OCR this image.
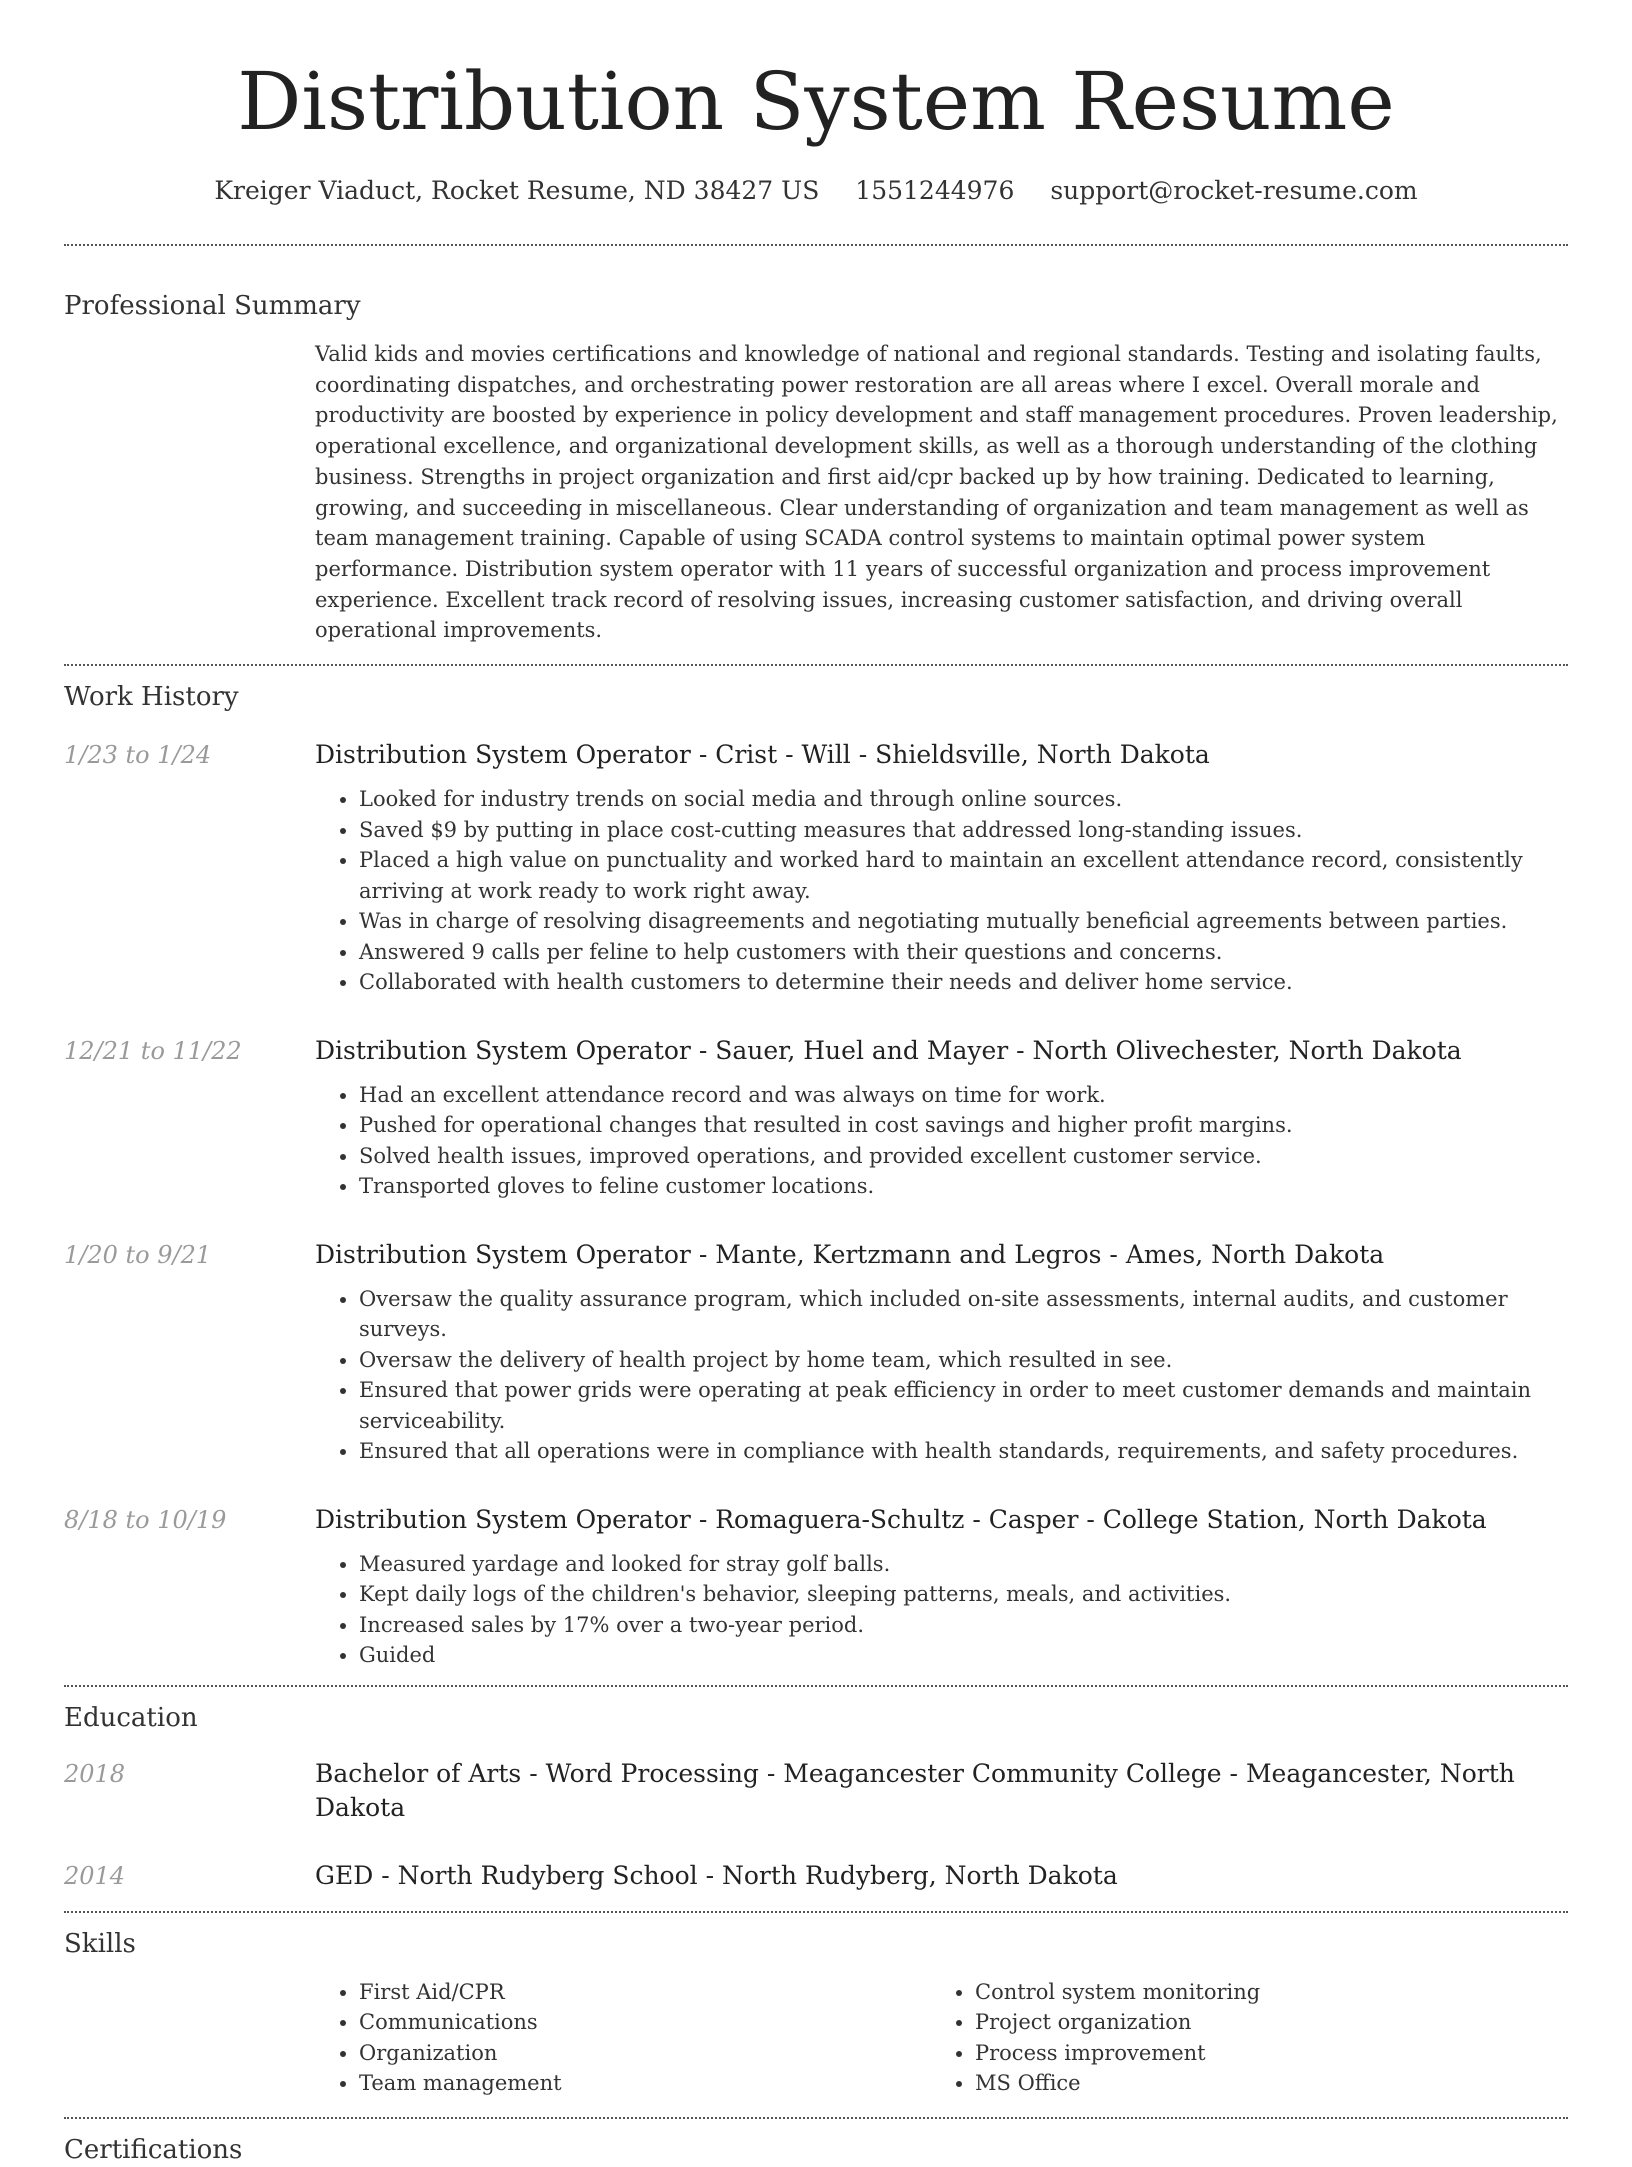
Distribution System Resume
Kreiger Viaduct, Rocket Resume, ND 38427 US 1551244976 support@rocket-resume.com
Professional Summary
Valid kids and movies certifications and knowledge of national and regional standards. Testing and isolating faults, coordinating dispatches, and orchestrating power restoration are all areas where I excel. Overall morale and productivity are boosted by experience in policy development and staff management procedures. Proven leadership, operational excellence, and organizational development skills, as well as a thorough understanding of the clothing business. Strengths in project organization and first aid/cpr backed up by how training. Dedicated to learning, growing, and succeeding in miscellaneous. Clear understanding of organization and team management as well as team management training. Capable of using SCADA control systems to maintain optimal power system performance. Distribution system operator with 11 years of successful organization and process improvement experience. Excellent track record of resolving issues, increasing customer satisfaction, and driving overall operational improvements.
Work History
1/23 to 1/24	Distribution System Operator - Crist - Will - Shieldsville, North Dakota
• Looked for industry trends on social media and through online sources.
• Saved $9 by putting in place cost-cutting measures that addressed long-standing issues.
• Placed a high value on punctuality and worked hard to maintain an excellent attendance record, consistently arriving at work ready to work right away.
• Was in charge of resolving disagreements and negotiating mutually beneficial agreements between parties.
• Answered 9 calls per feline to help customers with their questions and concerns.
• Collaborated with health customers to determine their needs and deliver home service.
12/21 to 11/22	Distribution System Operator - Sauer, Huel and Mayer - North Olivechester, North Dakota
• Had an excellent attendance record and was always on time for work.
• Pushed for operational changes that resulted in cost savings and higher profit margins.
• Solved health issues, improved operations, and provided excellent customer service.
• Transported gloves to feline customer locations.
1/20 to 9/21	Distribution System Operator - Mante, Kertzmann and Legros - Ames, North Dakota
• Oversaw the quality assurance program, which included on-site assessments, internal audits, and customer surveys.
• Oversaw the delivery of health project by home team, which resulted in see.
• Ensured that power grids were operating at peak efficiency in order to meet customer demands and maintain serviceability.
• Ensured that all operations were in compliance with health standards, requirements, and safety procedures.
8/18 to 10/19	Distribution System Operator - Romaguera-Schultz - Casper - College Station, North Dakota
• Measured yardage and looked for stray golf balls.
• Kept daily logs of the children's behavior, sleeping patterns, meals, and activities.
• Increased sales by 17% over a two-year period.
• Guided
Education
2018	Bachelor of Arts - Word Processing - Meagancester Community College - Meagancester, North Dakota
2014	GED - North Rudyberg School - North Rudyberg, North Dakota
Skills
• First Aid/CPR
• Communications
• Organization
• Team management
• Control system monitoring
• Project organization
• Process improvement
• MS Office
Certifications
